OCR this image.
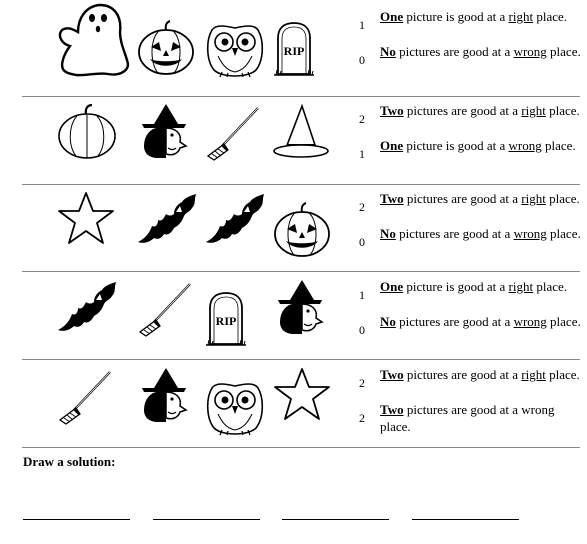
RIP
1
One picture is good at a right place.
0
No pictures are good at a wrong place.
2
Two pictures are good at a right place.
1
One picture is good at a wrong place.
2
Two pictures are good at a right place.
0
No pictures are good at a wrong place.
RIP
1
One picture is good at a right place.
0
No pictures are good at a wrong place.
2
Two pictures are good at a right place.
2
Two pictures are good at a wrong place.
Draw a solution:
